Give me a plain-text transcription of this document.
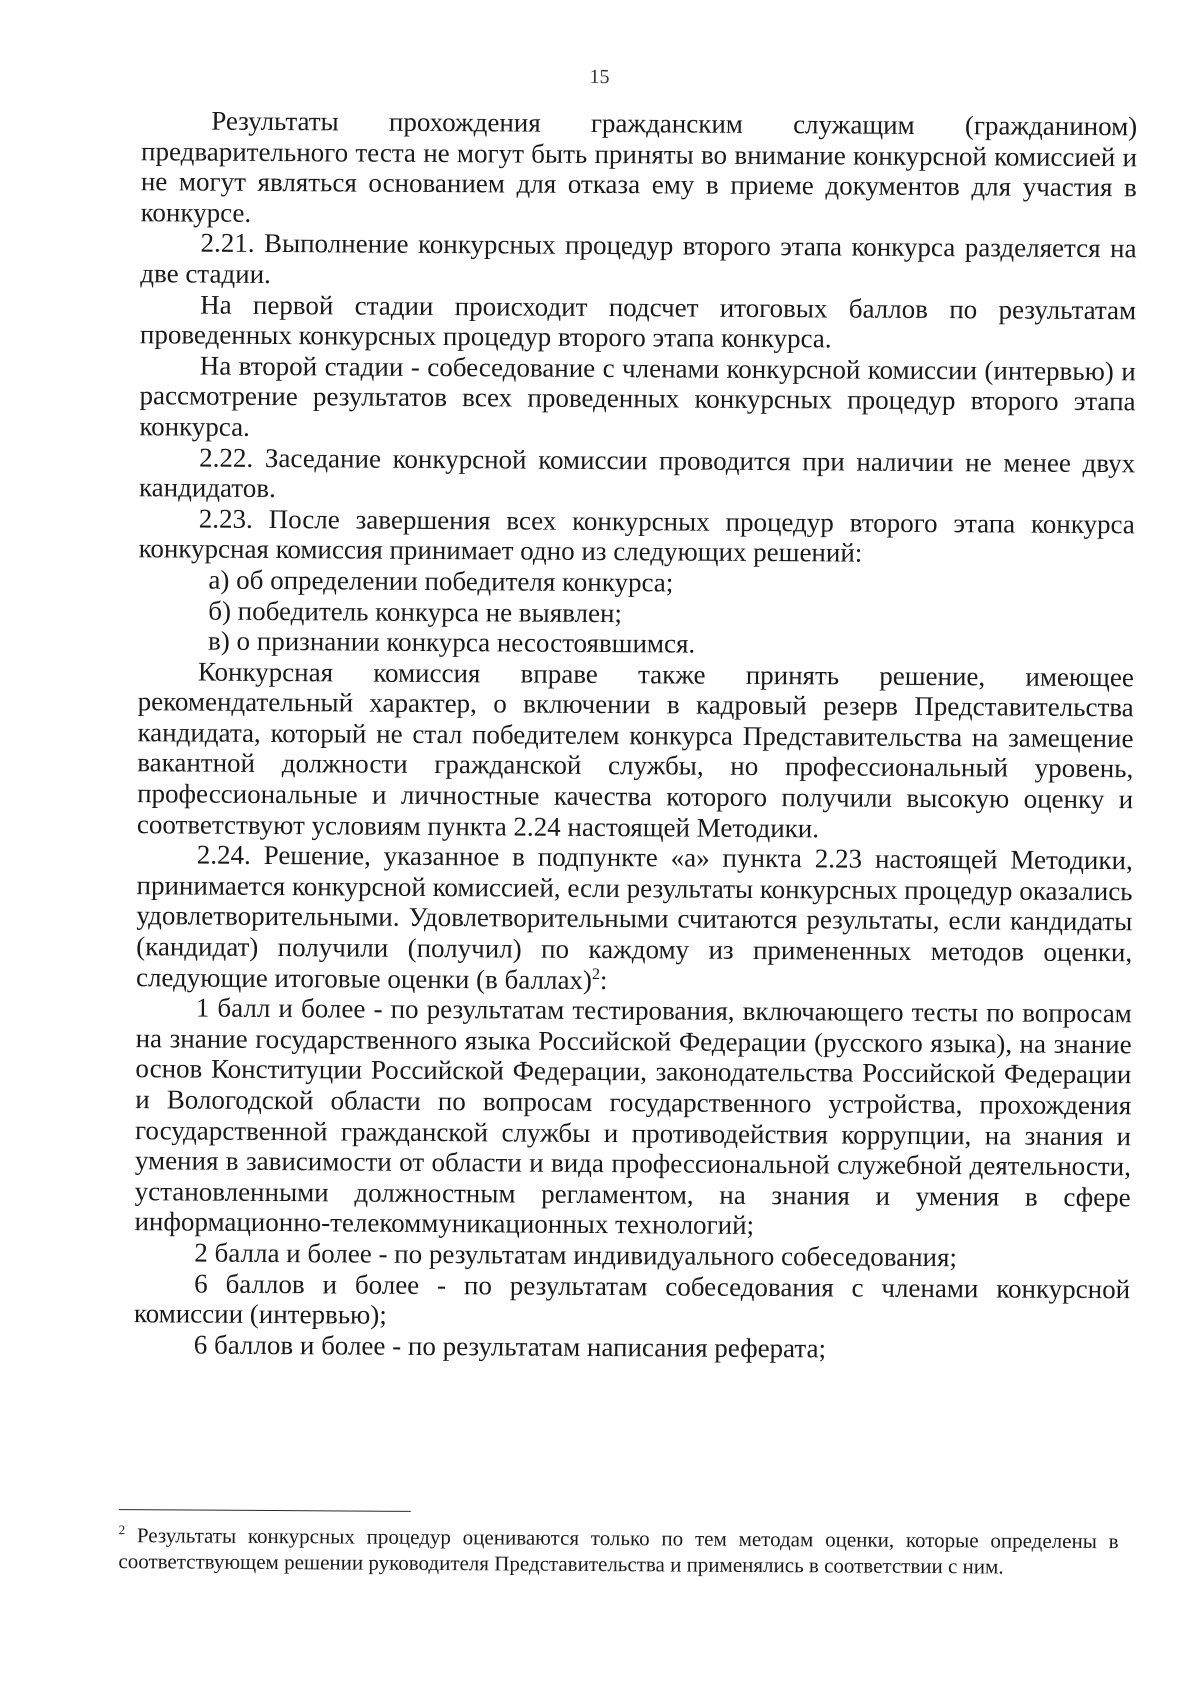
15

Результаты прохождения гражданским служащим (гражданином) предварительного теста не могут быть приняты во внимание конкурсной комиссией и не могут являться основанием для отказа ему в приеме документов для участия в конкурсе.

2.21. Выполнение конкурсных процедур второго этапа конкурса разделяется на две стадии.

На первой стадии происходит подсчет итоговых баллов по результатам проведенных конкурсных процедур второго этапа конкурса.

На второй стадии - собеседование с членами конкурсной комиссии (интервью) и рассмотрение результатов всех проведенных конкурсных процедур второго этапа конкурса.

2.22. Заседание конкурсной комиссии проводится при наличии не менее двух кандидатов.

2.23. После завершения всех конкурсных процедур второго этапа конкурса конкурсная комиссия принимает одно из следующих решений:

а) об определении победителя конкурса;

б) победитель конкурса не выявлен;

в) о признании конкурса несостоявшимся.

Конкурсная комиссия вправе также принять решение, имеющее рекомендательный характер, о включении в кадровый резерв Представительства кандидата, который не стал победителем конкурса Представительства на замещение вакантной должности гражданской службы, но профессиональный уровень, профессиональные и личностные качества которого получили высокую оценку и соответствуют условиям пункта 2.24 настоящей Методики.

2.24. Решение, указанное в подпункте «а» пункта 2.23 настоящей Методики, принимается конкурсной комиссией, если результаты конкурсных процедур оказались удовлетворительными. Удовлетворительными считаются результаты, если кандидаты (кандидат) получили (получил) по каждому из примененных методов оценки, следующие итоговые оценки (в баллах)$^2$:

1 балл и более - по результатам тестирования, включающего тесты по вопросам на знание государственного языка Российской Федерации (русского языка), на знание основ Конституции Российской Федерации, законодательства Российской Федерации и Вологодской области по вопросам государственного устройства, прохождения государственной гражданской службы и противодействия коррупции, на знания и умения в зависимости от области и вида профессиональной служебной деятельности, установленными должностным регламентом, на знания и умения в сфере информационно-телекоммуникационных технологий;

2 балла и более - по результатам индивидуального собеседования;

6 баллов и более - по результатам собеседования с членами конкурсной комиссии (интервью);

6 баллов и более - по результатам написания реферата;

$^2$ Результаты конкурсных процедур оцениваются только по тем методам оценки, которые определены в соответствующем решении руководителя Представительства и применялись в соответствии с ним.
